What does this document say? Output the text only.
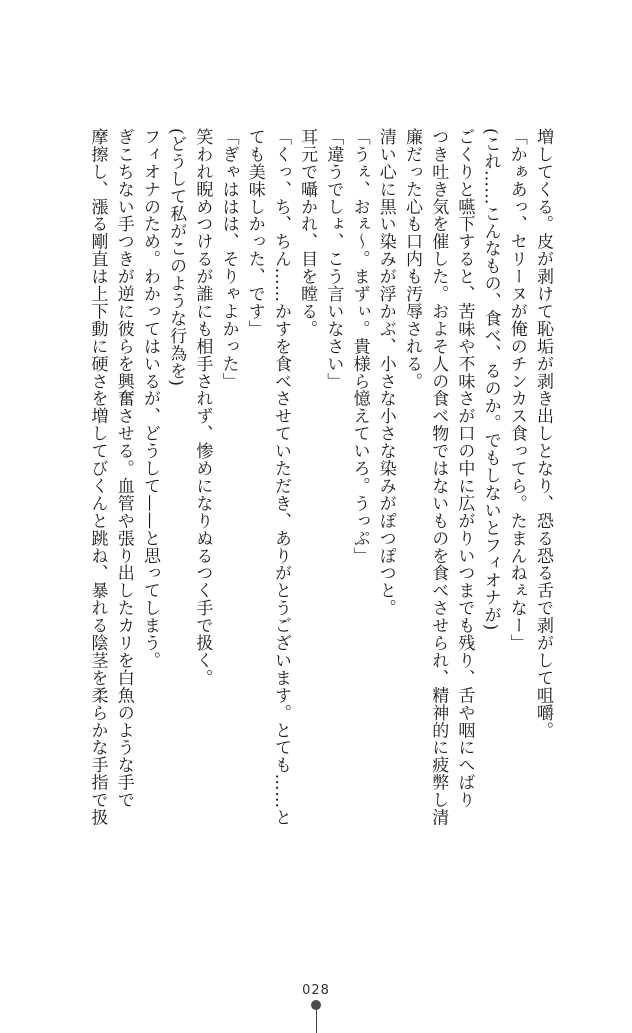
増してくる。皮が剥けて恥垢が剥き出しとなり、恐る恐る舌で剥がして咀嚼。
「かぁあっ、セリーヌが俺のチンカス食ってら。たまんねぇなー」
(これ……こんなもの、食べ、るのか。でもしないとフィオナが)
ごくりと嚥下すると、苦味や不味さが口の中に広がりいつまでも残り、舌や咽にへばり
つき吐き気を催した。およそ人の食べ物ではないものを食べさせられ、精神的に疲弊し清
廉だった心も口内も汚辱される。
清い心に黒い染みが浮かぶ、小さな小さな染みがぽつぽつと。
「うぇ、おぇ〜。まずぃ。貴様ら憶えていろ。うっぷ」
「違うでしょ、こう言いなさい」
耳元で囁かれ、目を瞠る。
「くっ、ち、ちん……かすを食べさせていただき、ありがとうございます。とても……と
ても美味しかった、です」
「ぎゃははは、そりゃよかった」
笑われ睨めつけるが誰にも相手されず、惨めになりぬるつく手で扱く。
(どうして私がこのような行為を)
フィオナのため。わかってはいるが、どうして——と思ってしまう。
ぎこちない手つきが逆に彼らを興奮させる。血管や張り出したカリを白魚のような手で
摩擦し、漲る剛直は上下動に硬さを増してびくんと跳ね、暴れる陰茎を柔らかな手指で扱
028
